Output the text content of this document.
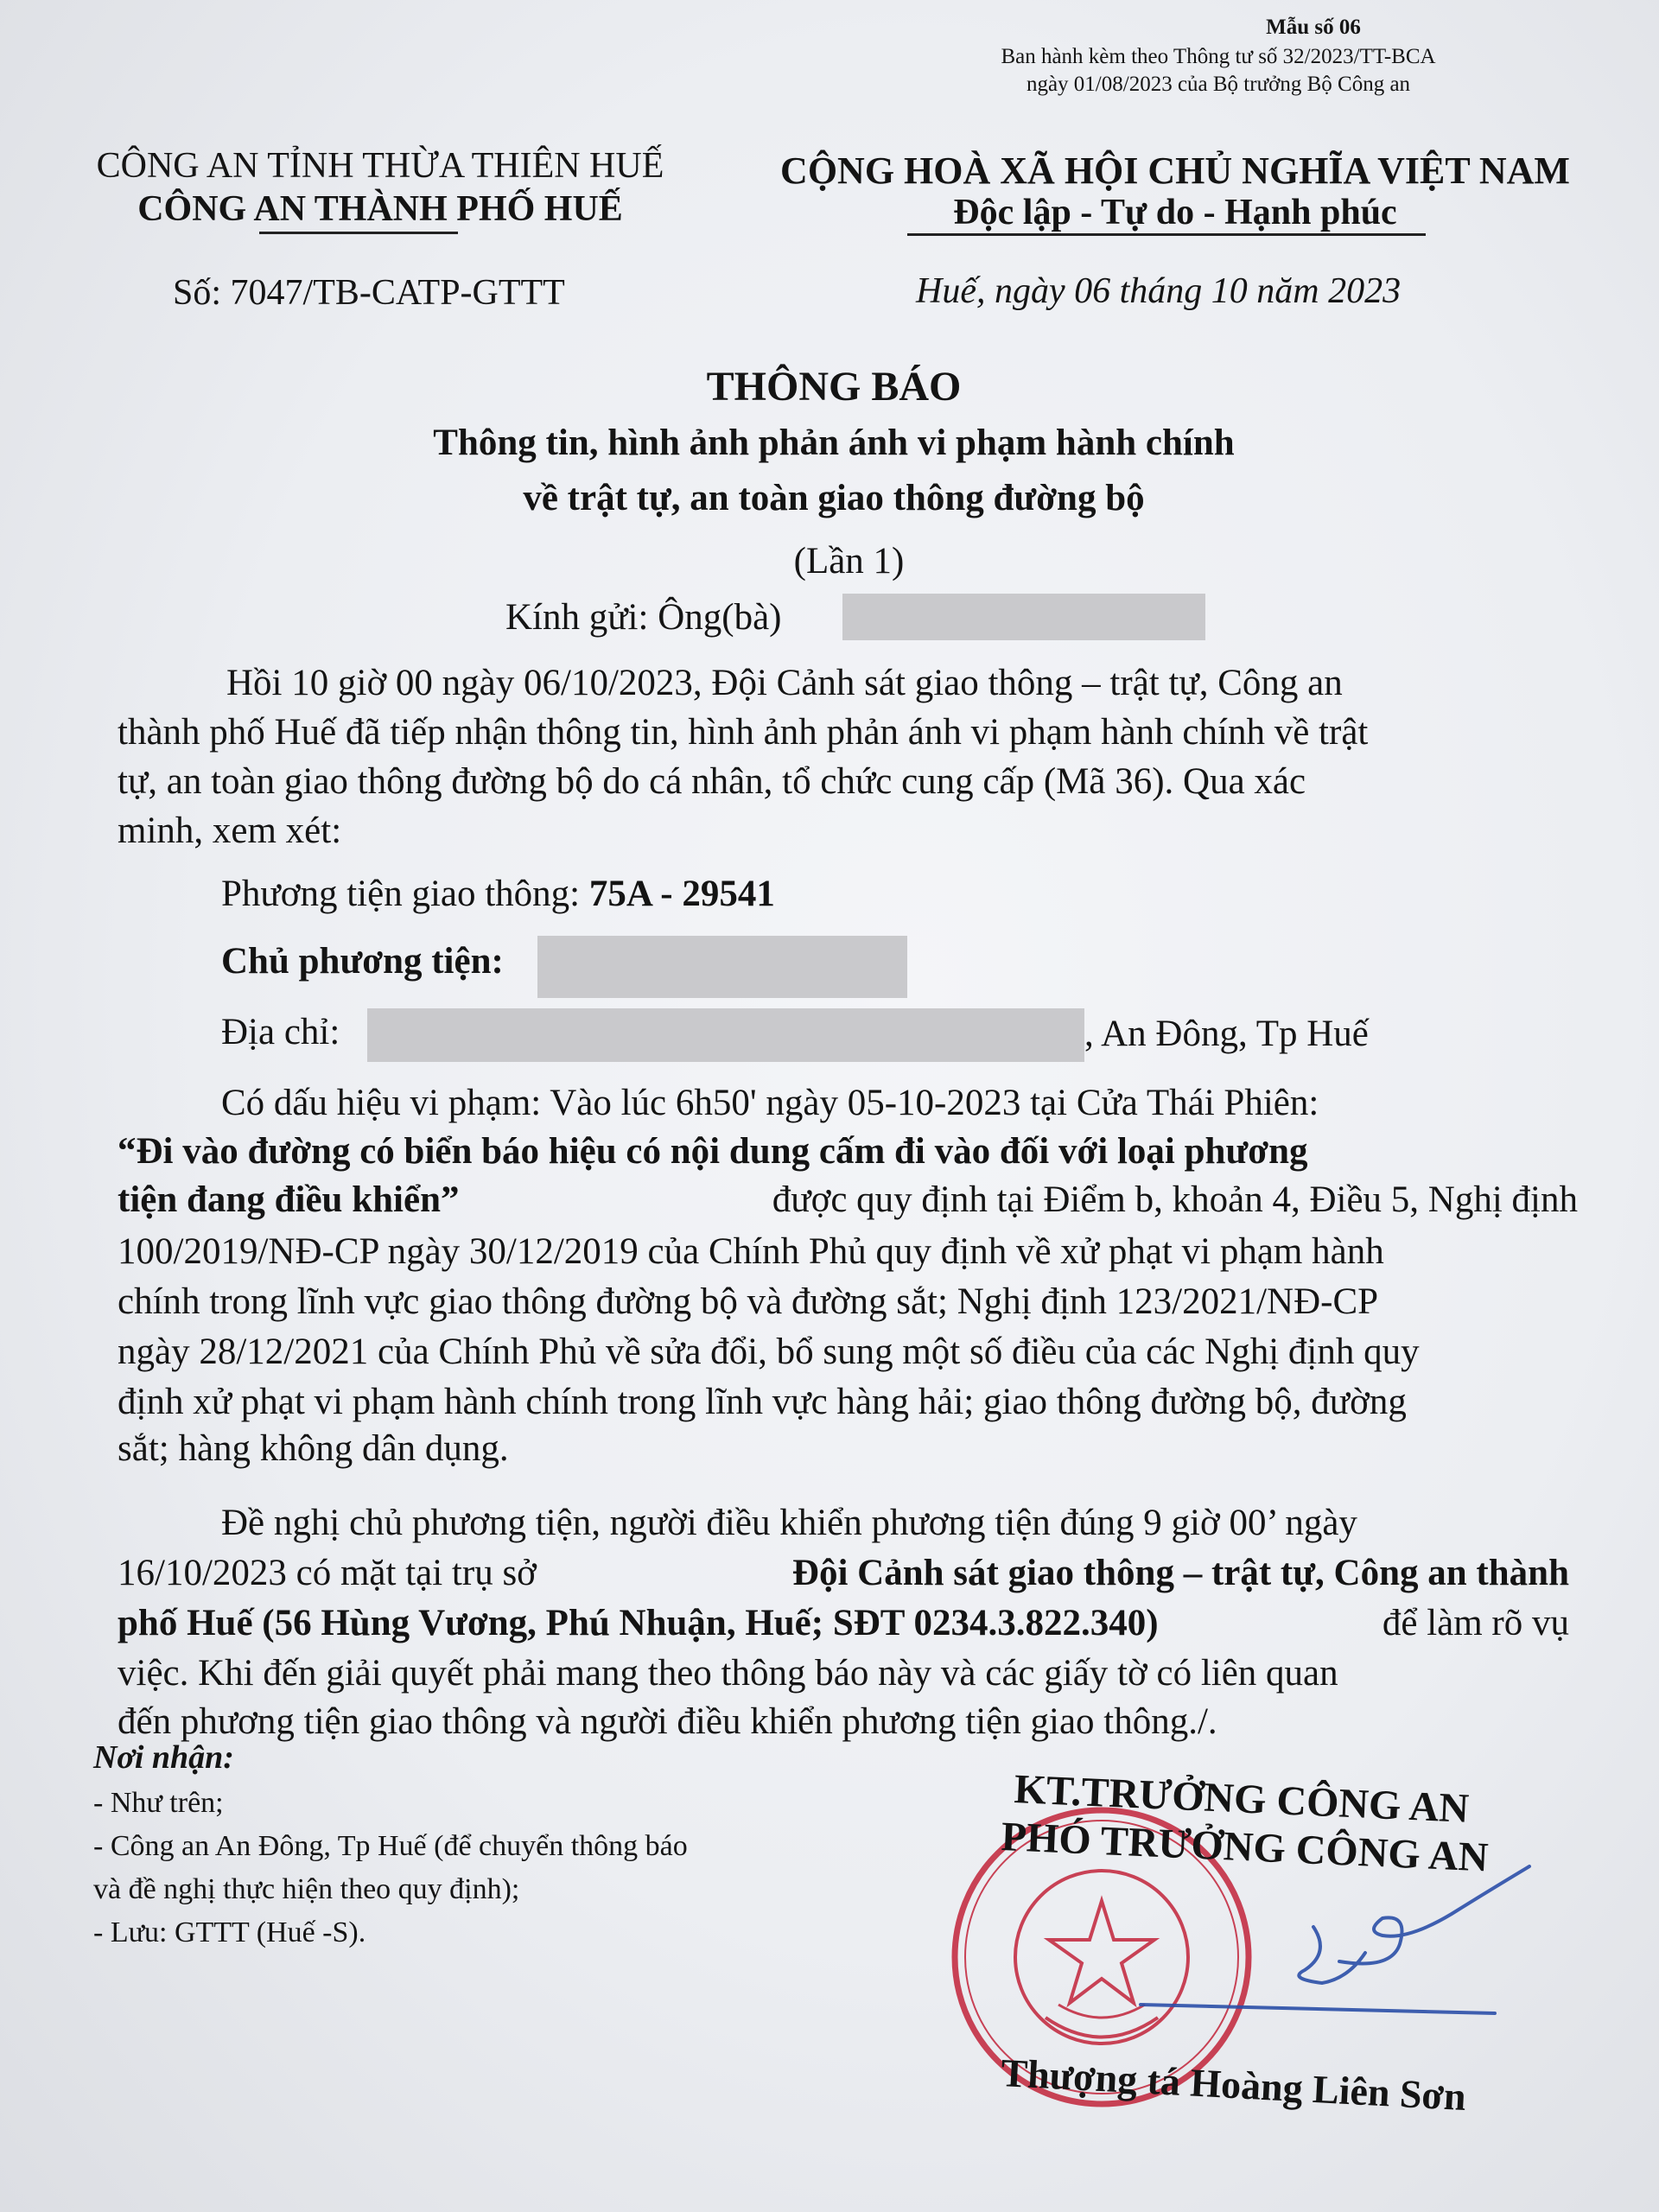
Mẫu số 06
Ban hành kèm theo Thông tư số 32/2023/TT-BCA
ngày 01/08/2023 của Bộ trưởng Bộ Công an
CÔNG AN TỈNH THỪA THIÊN HUẾ
CÔNG AN THÀNH PHỐ HUẾ
CỘNG HOÀ XÃ HỘI CHỦ NGHĨA VIỆT NAM
Độc lập - Tự do - Hạnh phúc
Số: 7047/TB-CATP-GTTT	Huế, ngày 06 tháng 10 năm 2023
THÔNG BÁO
Thông tin, hình ảnh phản ánh vi phạm hành chính
về trật tự, an toàn giao thông đường bộ
(Lần 1)
Kính gửi: Ông(bà)
Hồi 10 giờ 00 ngày 06/10/2023, Đội Cảnh sát giao thông – trật tự, Công an
thành phố Huế đã tiếp nhận thông tin, hình ảnh phản ánh vi phạm hành chính về trật
tự, an toàn giao thông đường bộ do cá nhân, tổ chức cung cấp (Mã 36). Qua xác
minh, xem xét:
Phương tiện giao thông: 75A - 29541
Chủ phương tiện:
Địa chỉ:	, An Đông, Tp Huế
Có dấu hiệu vi phạm: Vào lúc 6h50' ngày 05-10-2023 tại Cửa Thái Phiên:
“Đi vào đường có biển báo hiệu có nội dung cấm đi vào đối với loại phương
tiện đang điều khiển”	được quy định tại Điểm b, khoản 4, Điều 5, Nghị định
100/2019/NĐ-CP ngày 30/12/2019 của Chính Phủ quy định về xử phạt vi phạm hành
chính trong lĩnh vực giao thông đường bộ và đường sắt; Nghị định 123/2021/NĐ-CP
ngày 28/12/2021 của Chính Phủ về sửa đổi, bổ sung một số điều của các Nghị định quy
định xử phạt vi phạm hành chính trong lĩnh vực hàng hải; giao thông đường bộ, đường
sắt; hàng không dân dụng.
Đề nghị chủ phương tiện, người điều khiển phương tiện đúng 9 giờ 00’ ngày
16/10/2023 có mặt tại trụ sở	Đội Cảnh sát giao thông – trật tự, Công an thành
phố Huế (56 Hùng Vương, Phú Nhuận, Huế; SĐT 0234.3.822.340)	để làm rõ vụ
việc. Khi đến giải quyết phải mang theo thông báo này và các giấy tờ có liên quan
đến phương tiện giao thông và người điều khiển phương tiện giao thông./.
Nơi nhận:
- Như trên;
- Công an An Đông, Tp Huế (để chuyển thông báo
và đề nghị thực hiện theo quy định);
- Lưu: GTTT (Huế -S).
KT.TRƯỞNG CÔNG AN
PHÓ TRƯỞNG CÔNG AN
Thượng tá Hoàng Liên Sơn
